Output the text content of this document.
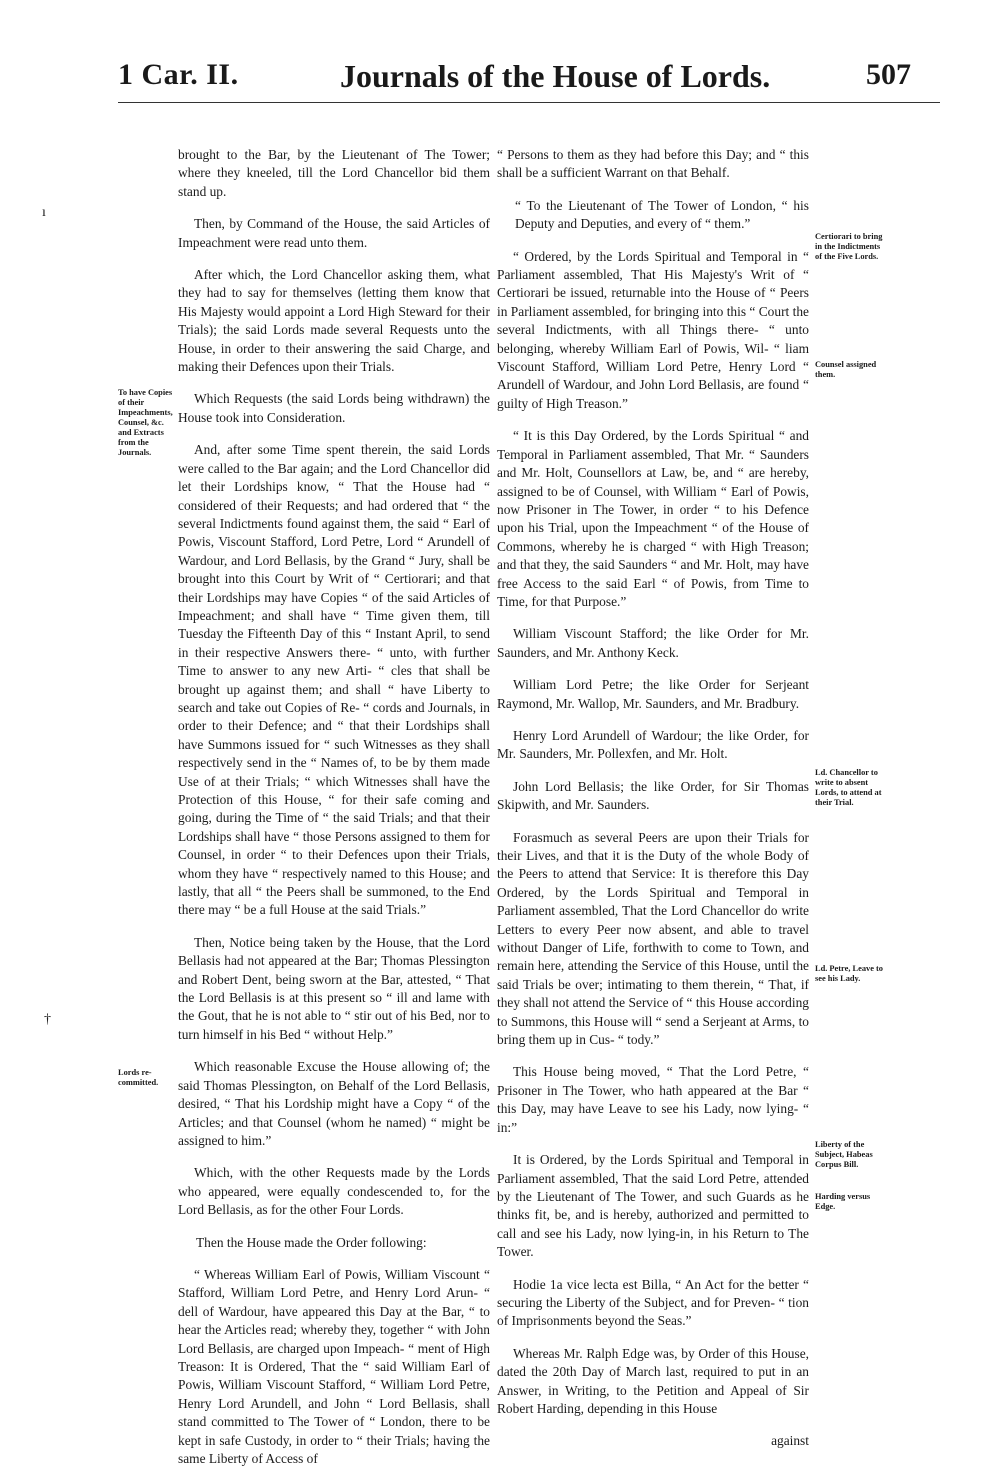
1 Car. II.	Journals of the House of Lords.	507
ı
†

brought to the Bar, by the Lieutenant of The Tower; where they kneeled, till the Lord Chancellor bid them stand up.

Then, by Command of the House, the said Articles of Impeachment were read unto them.

After which, the Lord Chancellor asking them, what they had to say for themselves (letting them know that His Majesty would appoint a Lord High Steward for their Trials); the said Lords made several Requests unto the House, in order to their answering the said Charge, and making their Defences upon their Trials.

Which Requests (the said Lords being withdrawn) the House took into Consideration.

And, after some Time spent therein, the said Lords were called to the Bar again; and the Lord Chancellor did let their Lordships know, “ That the House had “ considered of their Requests; and had ordered that “ the several Indictments found against them, the said “ Earl of Powis, Viscount Stafford, Lord Petre, Lord “ Arundell of Wardour, and Lord Bellasis, by the Grand “ Jury, shall be brought into this Court by Writ of “ Certiorari; and that their Lordships may have Copies “ of the said Articles of Impeachment; and shall have “ Time given them, till Tuesday the Fifteenth Day of this “ Instant April, to send in their respective Answers there- “ unto, with further Time to answer to any new Arti- “ cles that shall be brought up against them; and shall “ have Liberty to search and take out Copies of Re- “ cords and Journals, in order to their Defence; and “ that their Lordships shall have Summons issued for “ such Witnesses as they shall respectively send in the “ Names of, to be by them made Use of at their Trials; “ which Witnesses shall have the Protection of this House, “ for their safe coming and going, during the Time of “ the said Trials; and that their Lordships shall have “ those Persons assigned to them for Counsel, in order “ to their Defences upon their Trials, whom they have “ respectively named to this House; and lastly, that all “ the Peers shall be summoned, to the End there may “ be a full House at the said Trials.”

Then, Notice being taken by the House, that the Lord Bellasis had not appeared at the Bar; Thomas Plessington and Robert Dent, being sworn at the Bar, attested, “ That the Lord Bellasis is at this present so “ ill and lame with the Gout, that he is not able to “ stir out of his Bed, nor to turn himself in his Bed “ without Help.”

Which reasonable Excuse the House allowing of; the said Thomas Plessington, on Behalf of the Lord Bellasis, desired, “ That his Lordship might have a Copy “ of the Articles; and that Counsel (whom he named) “ might be assigned to him.”

Which, with the other Requests made by the Lords who appeared, were equally condescended to, for the Lord Bellasis, as for the other Four Lords.

Then the House made the Order following:

“ Whereas William Earl of Powis, William Viscount “ Stafford, William Lord Petre, and Henry Lord Arun- “ dell of Wardour, have appeared this Day at the Bar, “ to hear the Articles read; whereby they, together “ with John Lord Bellasis, are charged upon Impeach- “ ment of High Treason: It is Ordered, That the “ said William Earl of Powis, William Viscount Stafford, “ William Lord Petre, Henry Lord Arundell, and John “ Lord Bellasis, shall stand committed to The Tower of “ London, there to be kept in safe Custody, in order to “ their Trials; having the same Liberty of Access of

“ Persons to them as they had before this Day; and “ this shall be a sufficient Warrant on that Behalf.

“ To the Lieutenant of The Tower of London, “ his Deputy and Deputies, and every of “ them.”

“ Ordered, by the Lords Spiritual and Temporal in “ Parliament assembled, That His Majesty's Writ of “ Certiorari be issued, returnable into the House of “ Peers in Parliament assembled, for bringing into this “ Court the several Indictments, with all Things there- “ unto belonging, whereby William Earl of Powis, Wil- “ liam Viscount Stafford, William Lord Petre, Henry Lord “ Arundell of Wardour, and John Lord Bellasis, are found “ guilty of High Treason.”

“ It is this Day Ordered, by the Lords Spiritual “ and Temporal in Parliament assembled, That Mr. “ Saunders and Mr. Holt, Counsellors at Law, be, and “ are hereby, assigned to be of Counsel, with William “ Earl of Powis, now Prisoner in The Tower, in order “ to his Defence upon his Trial, upon the Impeachment “ of the House of Commons, whereby he is charged “ with High Treason; and that they, the said Saunders “ and Mr. Holt, may have free Access to the said Earl “ of Powis, from Time to Time, for that Purpose.”

William Viscount Stafford; the like Order for Mr. Saunders, and Mr. Anthony Keck.

William Lord Petre; the like Order for Serjeant Raymond, Mr. Wallop, Mr. Saunders, and Mr. Bradbury.

Henry Lord Arundell of Wardour; the like Order, for Mr. Saunders, Mr. Pollexfen, and Mr. Holt.

John Lord Bellasis; the like Order, for Sir Thomas Skipwith, and Mr. Saunders.

Forasmuch as several Peers are upon their Trials for their Lives, and that it is the Duty of the whole Body of the Peers to attend that Service: It is therefore this Day Ordered, by the Lords Spiritual and Temporal in Parliament assembled, That the Lord Chancellor do write Letters to every Peer now absent, and able to travel without Danger of Life, forthwith to come to Town, and remain here, attending the Service of this House, until the said Trials be over; intimating to them therein, “ That, if they shall not attend the Service of “ this House according to Summons, this House will “ send a Serjeant at Arms, to bring them up in Cus- “ tody.”

This House being moved, “ That the Lord Petre, “ Prisoner in The Tower, who hath appeared at the Bar “ this Day, may have Leave to see his Lady, now lying- “ in:”

It is Ordered, by the Lords Spiritual and Temporal in Parliament assembled, That the said Lord Petre, attended by the Lieutenant of The Tower, and such Guards as he thinks fit, be, and is hereby, authorized and permitted to call and see his Lady, now lying-in, in his Return to The Tower.

Hodie 1a vice lecta est Billa, “ An Act for the better “ securing the Liberty of the Subject, and for Preven- “ tion of Imprisonments beyond the Seas.”

Whereas Mr. Ralph Edge was, by Order of this House, dated the 20th Day of March last, required to put in an Answer, in Writing, to the Petition and Appeal of Sir Robert Harding, depending in this House

against

To have Copies of their Impeachments, Counsel, &c. and Extracts from the Journals.
Lords re-committed.
Certiorari to bring in the Indictments of the Five Lords.
Counsel assigned them.
Ld. Chancellor to write to absent Lords, to attend at their Trial.
Ld. Petre, Leave to see his Lady.
Liberty of the Subject, Habeas Corpus Bill.
Harding versus Edge.
